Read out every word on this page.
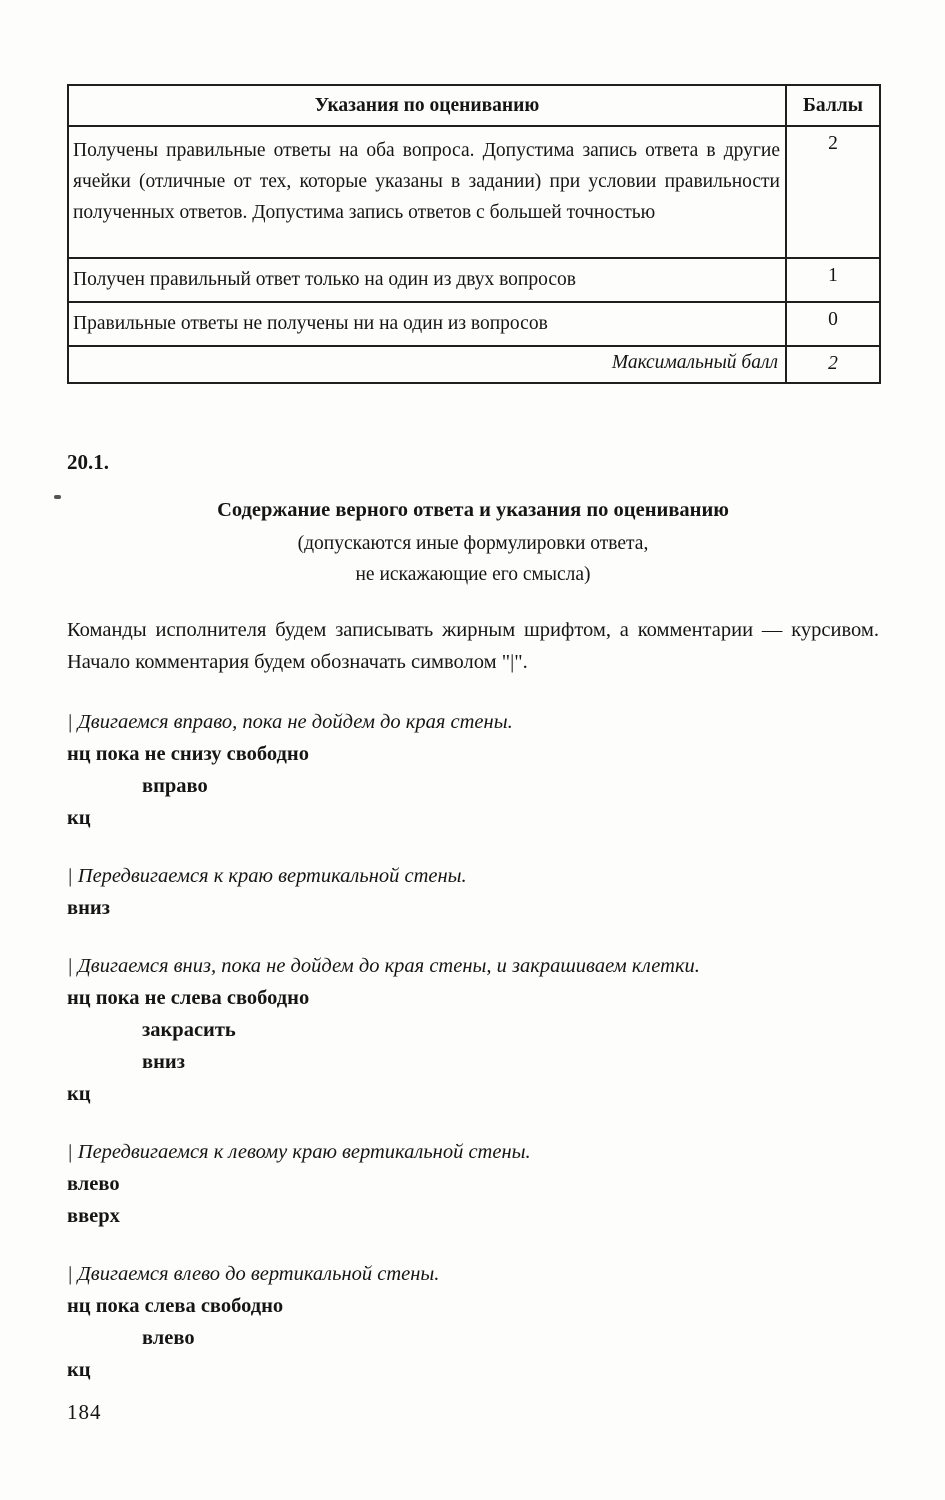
Указания по оцениванию	Баллы
Получены правильные ответы на оба вопроса. Допустима запись ответа в другие ячейки (отличные от тех, которые указаны в задании) при условии правильности полученных ответов. Допустима запись ответов с большей точностью	2
Получен правильный ответ только на один из двух вопросов	1
Правильные ответы не получены ни на один из вопросов	0
Максимальный балл	2
20.1.
Содержание верного ответа и указания по оцениванию
(допускаются иные формулировки ответа,
не искажающие его смысла)

Команды исполнителя будем записывать жирным шрифтом, а комментарии — курсивом. Начало комментария будем обозначать символом "|".

| Двигаемся вправо, пока не дойдем до края стены.
нц пока не снизу свободно
вправо
кц
| Передвигаемся к краю вертикальной стены.
вниз
| Двигаемся вниз, пока не дойдем до края стены, и закрашиваем клетки.
нц пока не слева свободно
закрасить
вниз
кц
| Передвигаемся к левому краю вертикальной стены.
влево
вверх
| Двигаемся влево до вертикальной стены.
нц пока слева свободно
влево
кц
184
